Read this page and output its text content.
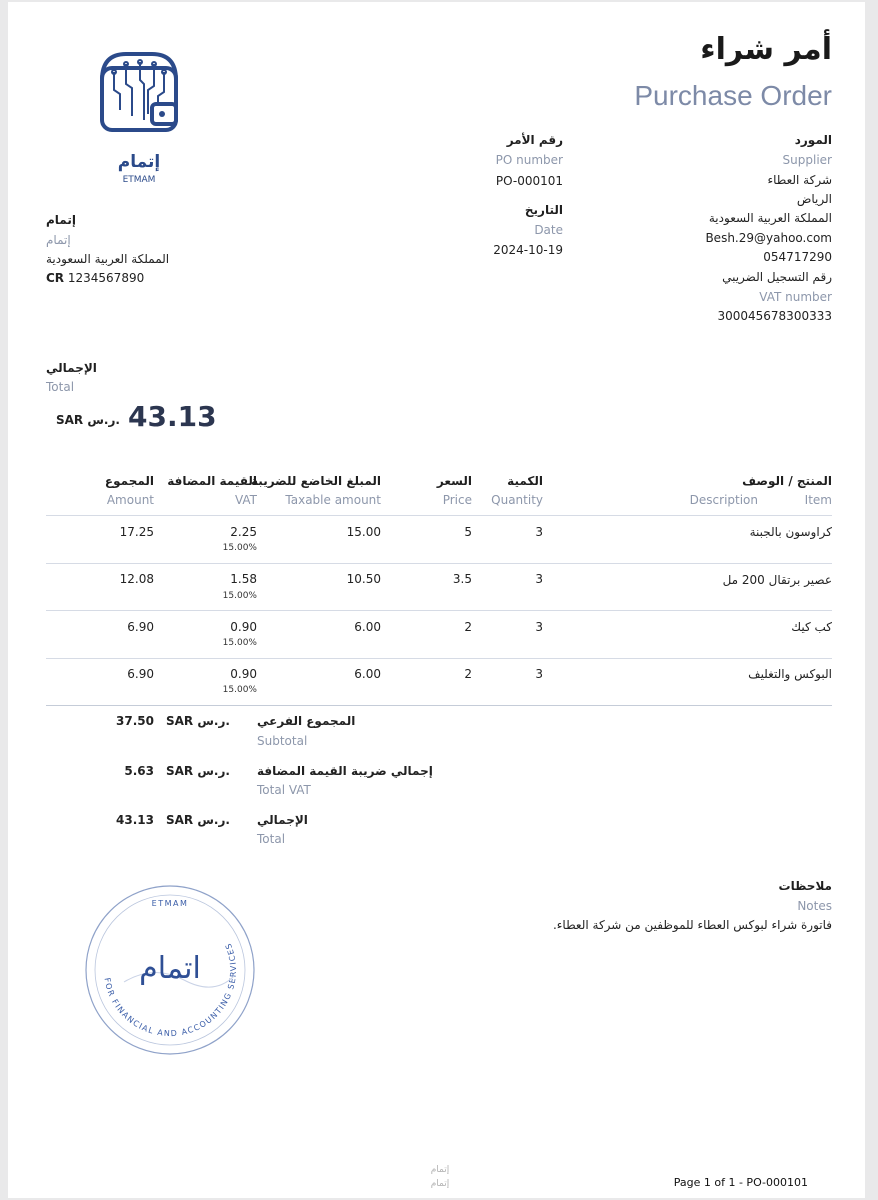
أمر شراء
Purchase Order
إتمام
ETMAM
إتمام
إتمام
المملكة العربية السعودية
CR 1234567890
رقم الأمر
PO number
PO-000101
التاريخ
Date
2024-10-19
المورد
Supplier
شركة العطاء
الرياض
المملكة العربية السعودية
Besh.29@yahoo.com
054717290
رقم التسجيل الضريبي
VAT number
300045678300333
الإجمالي
Total
SAR ر.س. 43.13
المنتج / الوصف
Item
Description
الكمية
Quantity
السعر
Price
المبلغ الخاضع للضريبة
Taxable amount
القيمة المضافة
VAT
المجموع
Amount
كراوسون بالجبنة
3
5
15.00
2.25
15.00%
17.25
عصير برتقال 200 مل
3
3.5
10.50
1.58
15.00%
12.08
كب كيك
3
2
6.00
0.90
15.00%
6.90
البوكس والتغليف
3
2
6.00
0.90
15.00%
6.90
المجموع الفرعي
Subtotal
SAR ر.س.
37.50
إجمالي ضريبة القيمة المضافة
Total VAT
SAR ر.س.
5.63
الإجمالي
Total
SAR ر.س.
43.13
ملاحظات
Notes
فاتورة شراء لبوكس العطاء للموظفين من شركة العطاء.
FOR FINANCIAL AND ACCOUNTING SERVICES
ETMAM
اتمام
إتمام
إتمام	Page 1 of 1 - PO-000101
